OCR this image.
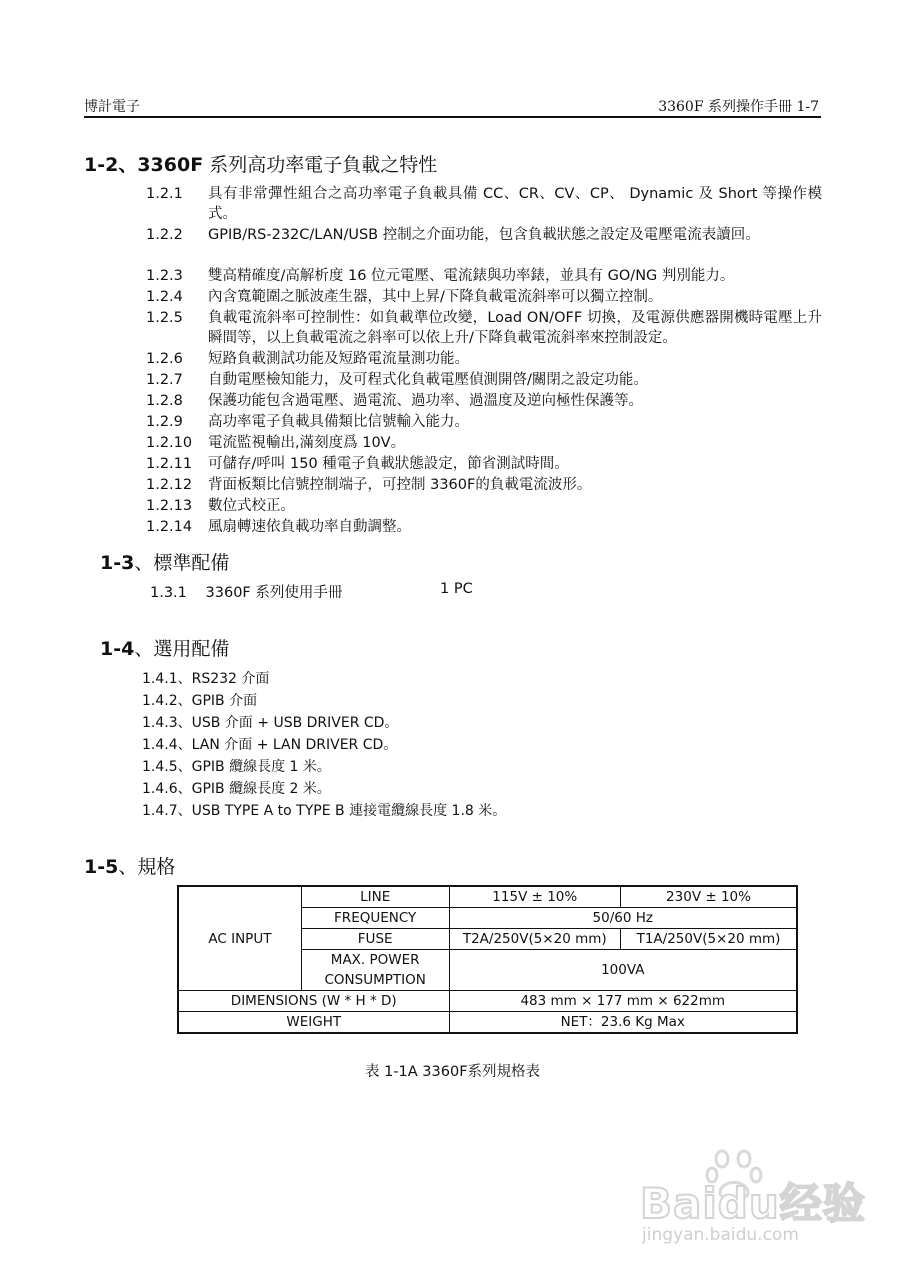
博計電子	3360F 系列操作手冊 1-7
1-2、3360F 系列高功率電子負載之特性
1.2.1	具有非常彈性組合之高功率電子負載具備 CC、CR、CV、CP、 Dynamic 及 Short 等操作模式。
1.2.2	GPIB/RS-232C/LAN/USB 控制之介面功能，包含負載狀態之設定及電壓電流表讀回。
1.2.3	雙高精確度/高解析度 16 位元電壓、電流錶與功率錶，並具有 GO/NG 判別能力。
1.2.4	內含寬範圍之脈波產生器，其中上昇/下降負載電流斜率可以獨立控制。
1.2.5	負載電流斜率可控制性：如負載準位改變，Load ON/OFF 切換，及電源供應器開機時電壓上升瞬間等，以上負載電流之斜率可以依上升/下降負載電流斜率來控制設定。
1.2.6	短路負載測試功能及短路電流量測功能。
1.2.7	自動電壓檢知能力，及可程式化負載電壓偵測開啓/關閉之設定功能。
1.2.8	保護功能包含過電壓、過電流、過功率、過溫度及逆向極性保護等。
1.2.9	高功率電子負載具備類比信號輸入能力。
1.2.10	電流監視輸出,滿刻度爲 10V。
1.2.11	可儲存/呼叫 150 種電子負載狀態設定，節省測試時間。
1.2.12	背面板類比信號控制端子，可控制 3360F的負載電流波形。
1.2.13	數位式校正。
1.2.14	風扇轉速依負載功率自動調整。
1-3、標準配備
1.3.1 3360F 系列使用手冊	1 PC
1-4、選用配備
1.4.1、RS232 介面
1.4.2、GPIB 介面
1.4.3、USB 介面 + USB DRIVER CD。
1.4.4、LAN 介面 + LAN DRIVER CD。
1.4.5、GPIB 纜線長度 1 米。
1.4.6、GPIB 纜線長度 2 米。
1.4.7、USB TYPE A to TYPE B 連接電纜線長度 1.8 米。
1-5、規格
AC INPUT	LINE	115V ± 10%	230V ± 10%
	FREQUENCY	50/60 Hz	
	FUSE	T2A/250V(5×20 mm)	T1A/250V(5×20 mm)

	MAX. POWER
CONSUMPTION	100VA	
DIMENSIONS (W * H * D)		483 mm × 177 mm × 622mm	
WEIGHT		NET：23.6 Kg Max	
表 1-1A 3360F系列規格表
Baidu经验
jingyan.baidu.com
